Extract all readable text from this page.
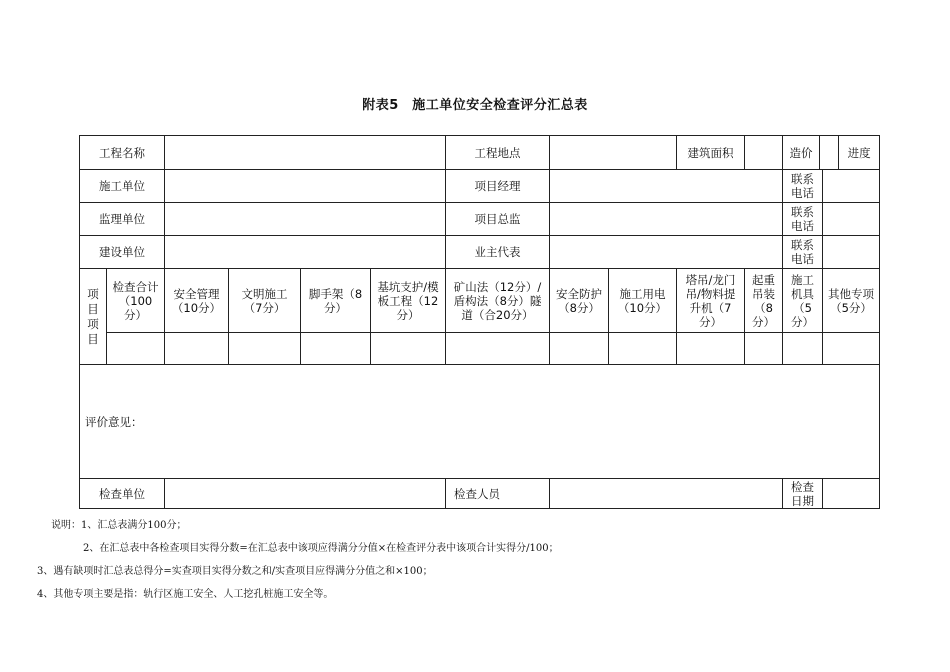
附表5　施工单位安全检查评分汇总表
工程名称		工程地点		建筑面积			造价		进度

施工单位		项目经理		联系电话	
监理单位		项目总监		联系电话	
建设单位		业主代表		联系电话	
项目 项目	检查合计（100分）	安全管理（10分）	文明施工（7分）	脚手架（8分）	基坑支护/模板工程（12分）	矿山法（12分）/盾构法（8分）隧道（合20分）	安全防护（8分）	施工用电（10分）	塔吊/龙门吊/物料提升机（7分）	起重吊装（8分）	施工机具（5分）	其他专项（5分）

评价意见：
检查单位		检查人员		检查日期	
说明：1、汇总表满分100分；
2、在汇总表中各检查项目实得分数=在汇总表中该项应得满分分值×在检查评分表中该项合计实得分/100；
3、遇有缺项时汇总表总得分=实查项目实得分数之和/实查项目应得满分分值之和×100；
4、其他专项主要是指：轨行区施工安全、人工挖孔桩施工安全等。
